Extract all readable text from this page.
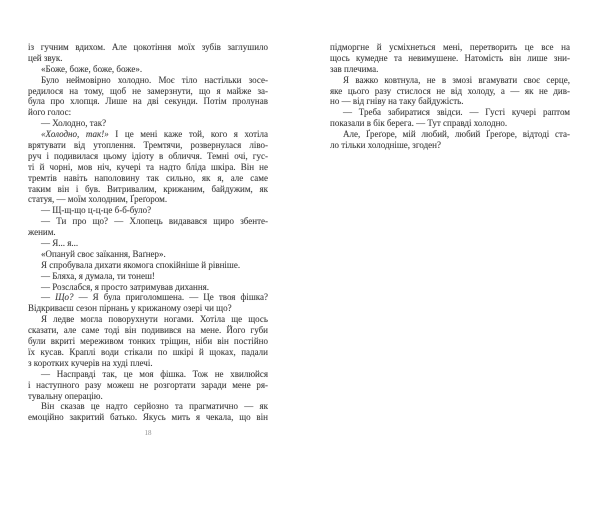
із гучним вдихом. Але цокотіння моїх зубів заглушило
цей звук.
«Боже, боже, боже, боже».
Було неймовірно холодно. Моє тіло настільки зосе-
редилося на тому, щоб не замерзнути, що я майже за-
була про хлопця. Лише на дві секунди. Потім пролунав
його голос:
— Холодно, так?
«Холодно, так!» І це мені каже той, кого я хотіла
врятувати від утоплення. Тремтячи, розвернулася ліво-
руч і подивилася цьому ідіоту в обличчя. Темні очі, гус-
ті й чорні, мов ніч, кучері та надто бліда шкіра. Він не
тремтів навіть наполовину так сильно, як я, але саме
таким він і був. Витривалим, крижаним, байдужим, як
статуя, — моїм холодним, Ґреґором.
— Щ-щ-що ц-ц-це б-б-було?
— Ти про що? — Хлопець видавався щиро збенте-
женим.
— Я... я...
«Опануй своє заїкання, Ваґнер».
Я спробувала дихати якомога спокійніше й рівніше.
— Бляха, я думала, ти тонеш!
— Розслабся, я просто затримував дихання.
— Що? — Я була приголомшена. — Це твоя фішка?
Відкриваєш сезон пірнань у крижаному озері чи що?
Я ледве могла поворухнути ногами. Хотіла ще щось
сказати, але саме тоді він подивився на мене. Його губи
були вкриті мереживом тонких тріщин, ніби він постійно
їх кусав. Краплі води стікали по шкірі й щоках, падали
з коротких кучерів на худі плечі.
— Насправді так, це моя фішка. Тож не хвилюйся
і наступного разу можеш не розгортати заради мене ря-
тувальну операцію.
Він сказав це надто серйозно та прагматично — як
емоційно закритий батько. Якусь мить я чекала, що він
18
підморгне й усміхнеться мені, перетворить це все на
щось кумедне та невимушене. Натомість він лише зни-
зав плечима.
Я важко ковтнула, не в змозі вгамувати своє серце,
яке цього разу стислося не від холоду, а — як не див-
но — від гніву на таку байдужість.
— Треба забиратися звідси. — Густі кучері раптом
показали в бік берега. — Тут справді холодно.
Але, Ґреґоре, мій любий, любий Ґреґоре, відтоді ста-
ло тільки холодніше, згоден?
